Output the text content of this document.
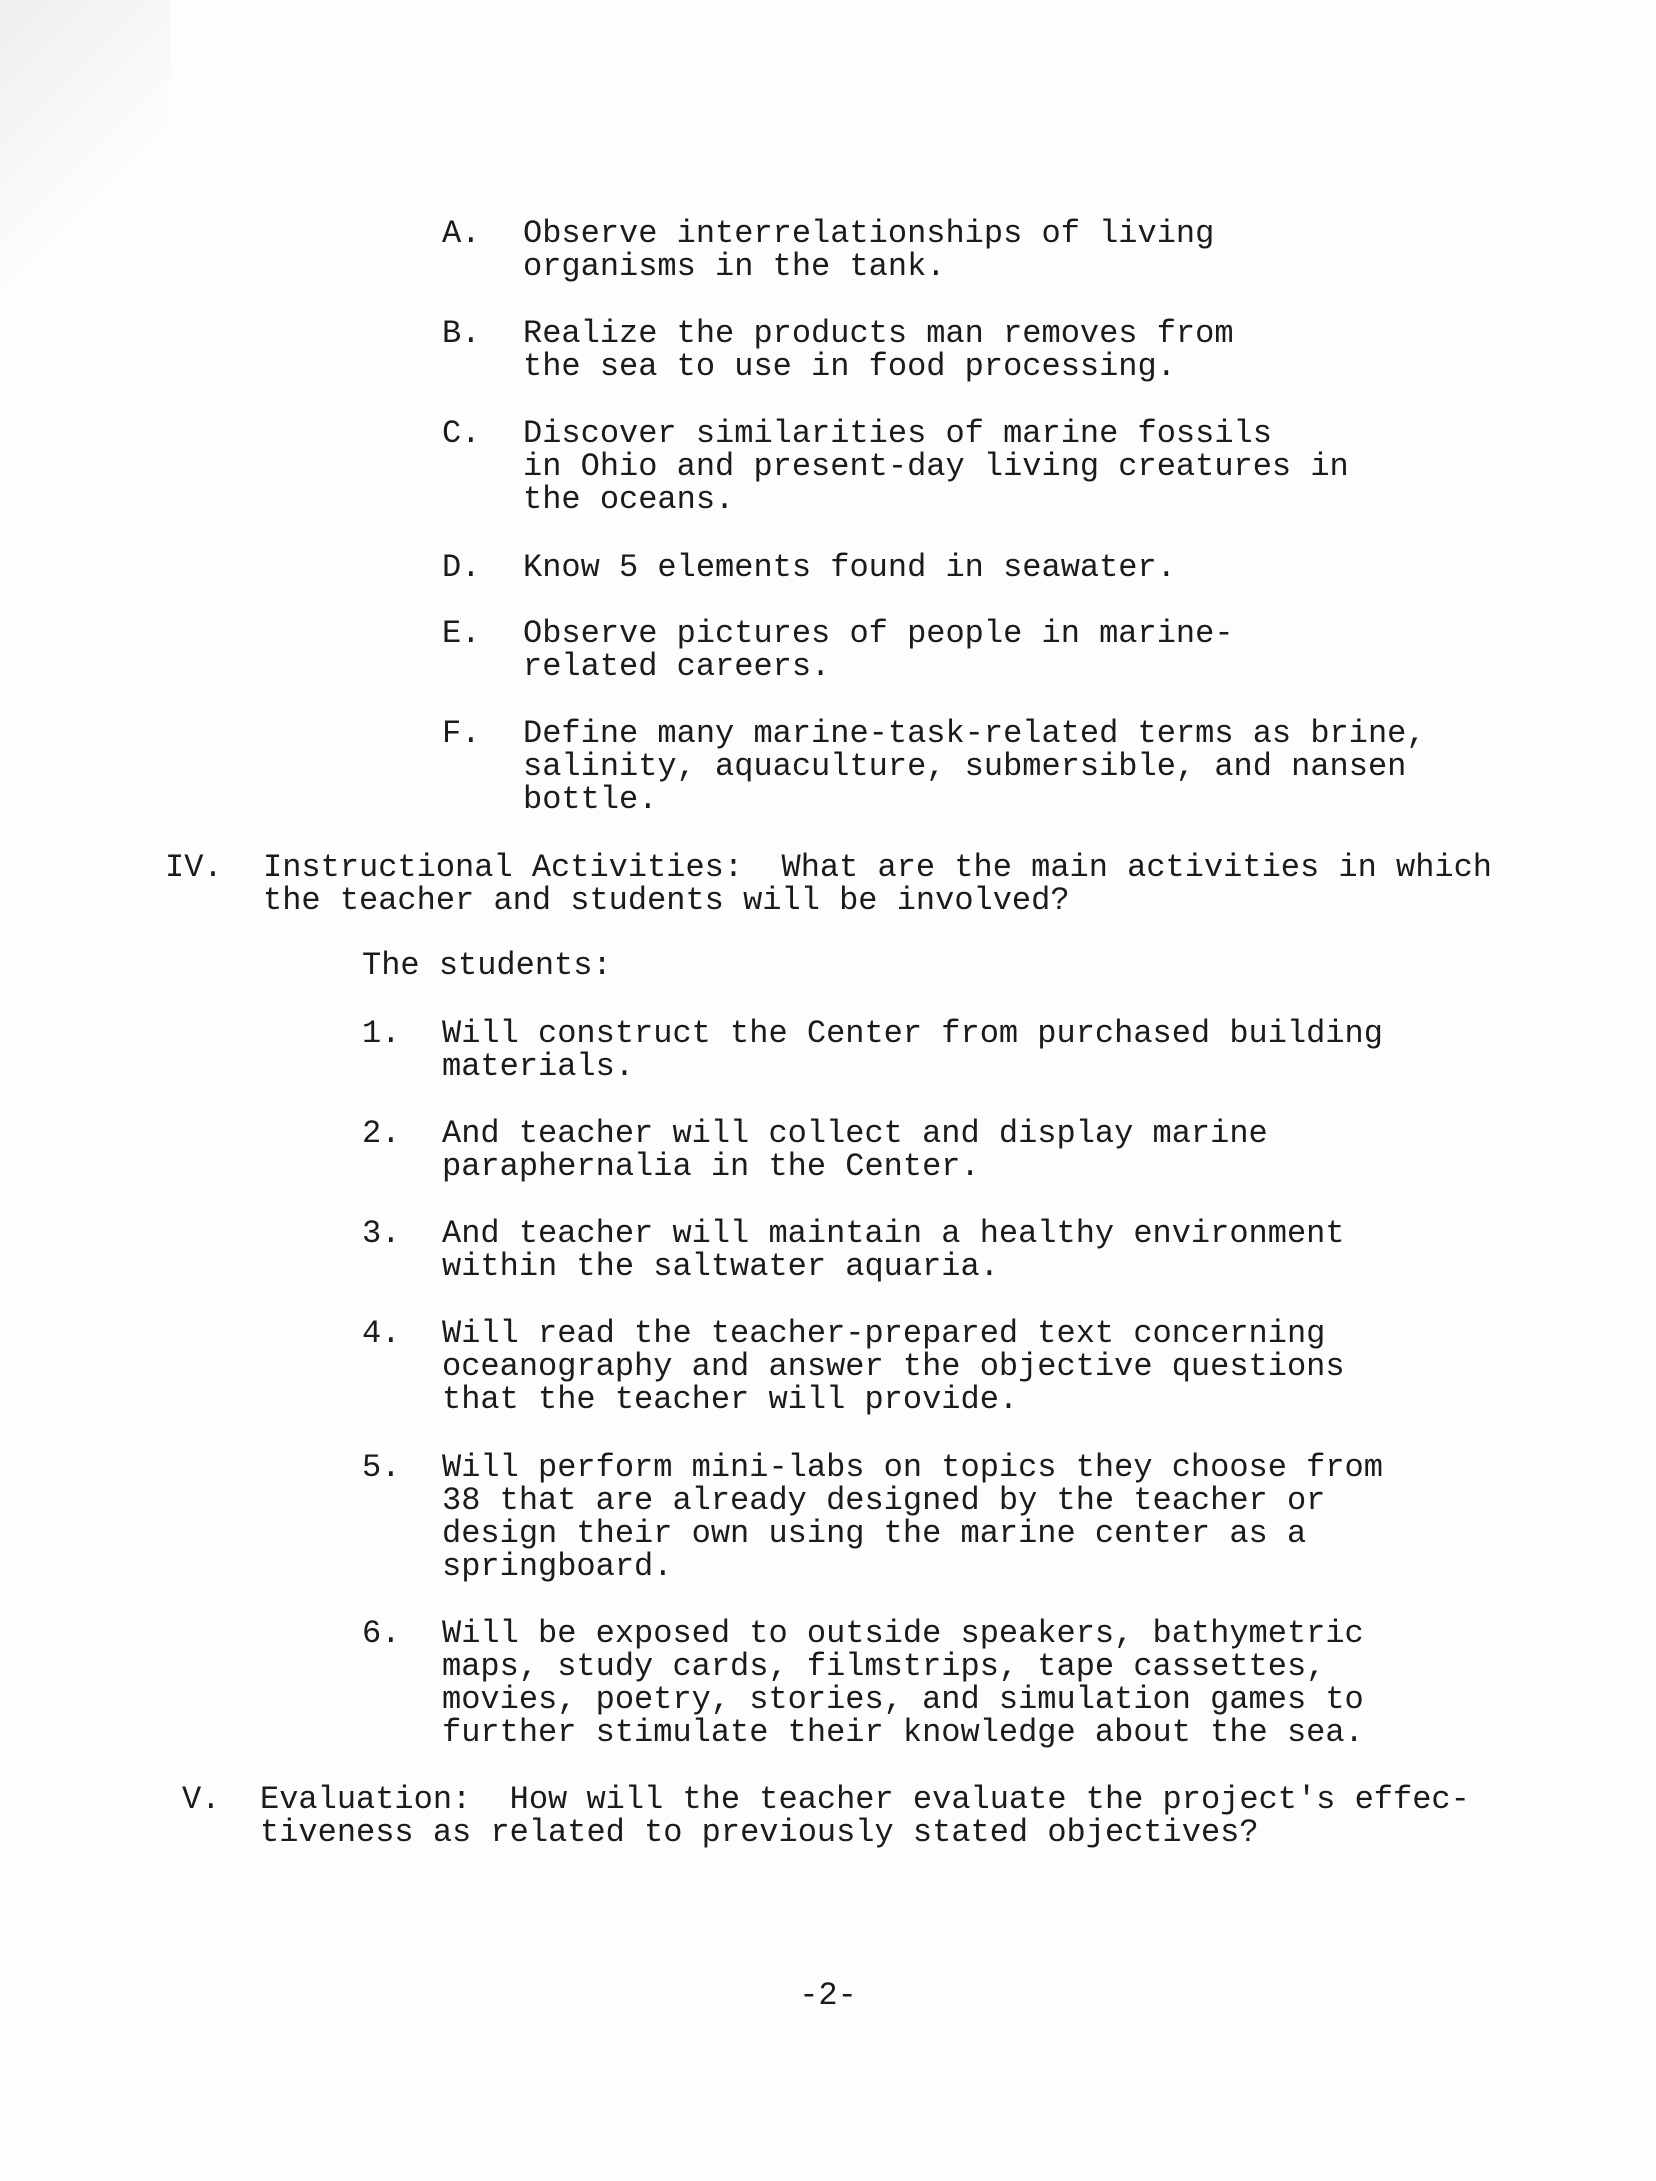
A. Observe interrelationships of living
organisms in the tank.
B. Realize the products man removes from
the sea to use in food processing.
C. Discover similarities of marine fossils
in Ohio and present-day living creatures in
the oceans.
D. Know 5 elements found in seawater.
E. Observe pictures of people in marine-
related careers.
F. Define many marine-task-related terms as brine,
salinity, aquaculture, submersible, and nansen
bottle.
IV. Instructional Activities:  What are the main activities in which
the teacher and students will be involved?
The students:
1. Will construct the Center from purchased building
materials.
2. And teacher will collect and display marine
paraphernalia in the Center.
3. And teacher will maintain a healthy environment
within the saltwater aquaria.
4. Will read the teacher-prepared text concerning
oceanography and answer the objective questions
that the teacher will provide.
5. Will perform mini-labs on topics they choose from
38 that are already designed by the teacher or
design their own using the marine center as a
springboard.
6. Will be exposed to outside speakers, bathymetric
maps, study cards, filmstrips, tape cassettes,
movies, poetry, stories, and simulation games to
further stimulate their knowledge about the sea.
V. Evaluation:  How will the teacher evaluate the project's effec-
tiveness as related to previously stated objectives?
-2-
